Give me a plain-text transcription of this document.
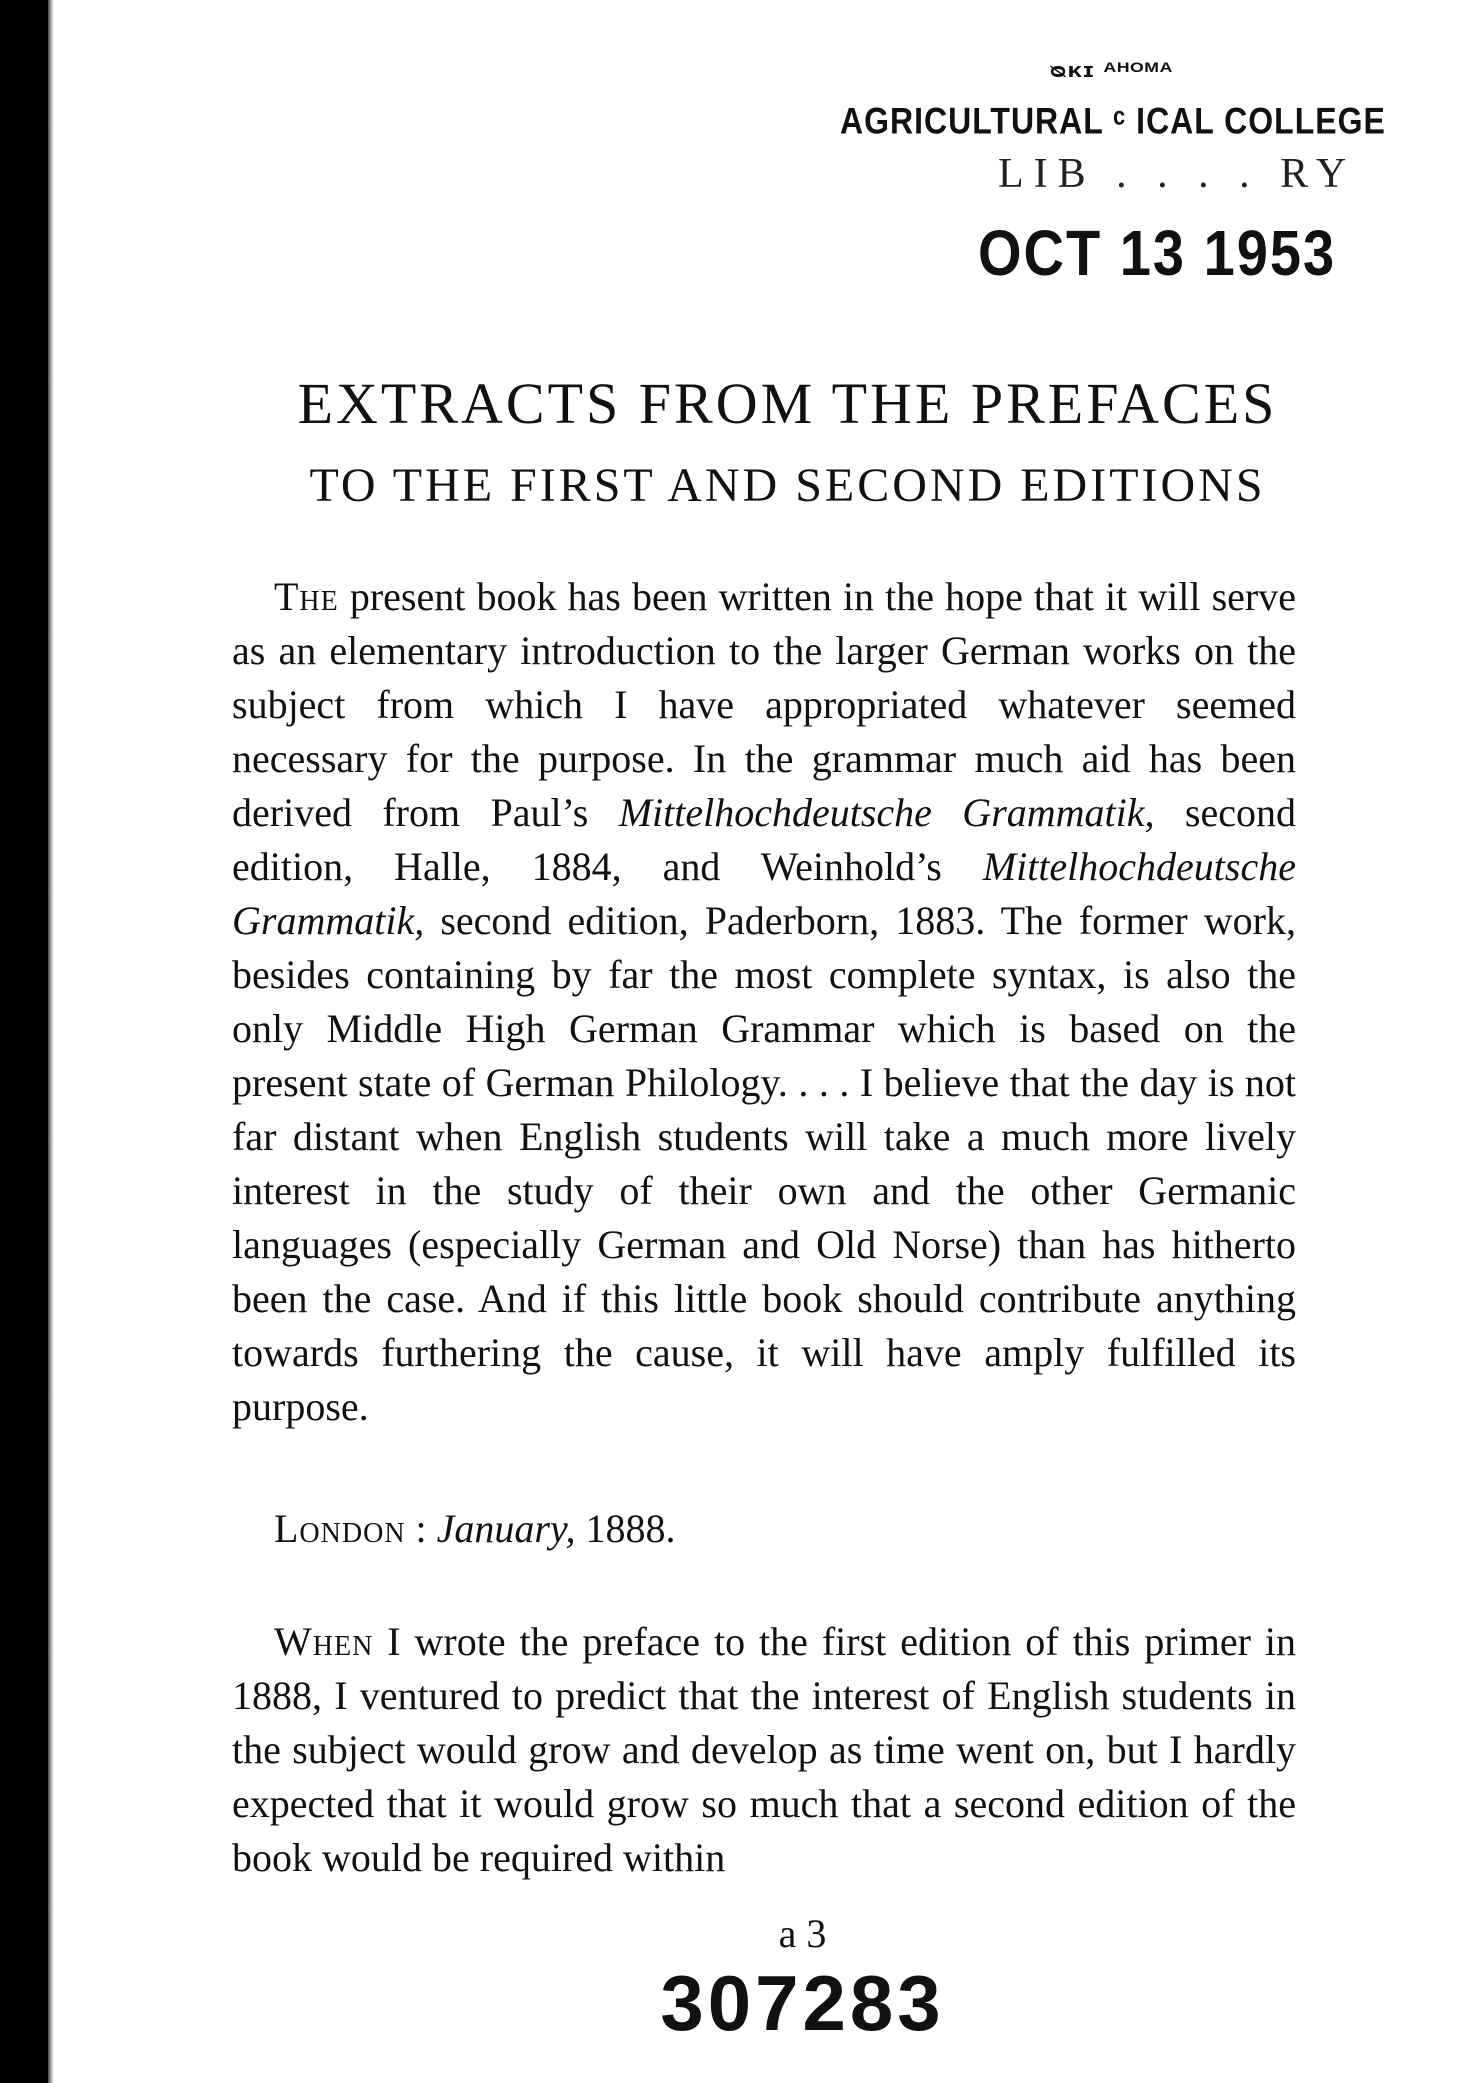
ᴓᴋɪ ᴬᴴᴼᴹᴬ
AGRICULTURAL ᶜ ICAL COLLEGE
LIB . . . . RY
OCT 13 1953
EXTRACTS FROM THE PREFACES
TO THE FIRST AND SECOND EDITIONS
The present book has been written in the hope that it will serve as an elementary introduction to the larger German works on the subject from which I have appropriated whatever seemed necessary for the purpose. In the grammar much aid has been derived from Paul’s Mittelhochdeutsche Grammatik, second edition, Halle, 1884, and Weinhold’s Mittelhochdeutsche Grammatik, second edition, Paderborn, 1883. The former work, besides containing by far the most complete syntax, is also the only Middle High German Grammar which is based on the present state of German Philology. . . . I believe that the day is not far distant when English students will take a much more lively interest in the study of their own and the other Germanic languages (especially German and Old Norse) than has hitherto been the case. And if this little book should contribute anything towards furthering the cause, it will have amply fulfilled its purpose.
London : January, 1888.
When I wrote the preface to the first edition of this primer in 1888, I ventured to predict that the interest of English students in the subject would grow and develop as time went on, but I hardly expected that it would grow so much that a second edition of the book would be required within
a 3
307283
